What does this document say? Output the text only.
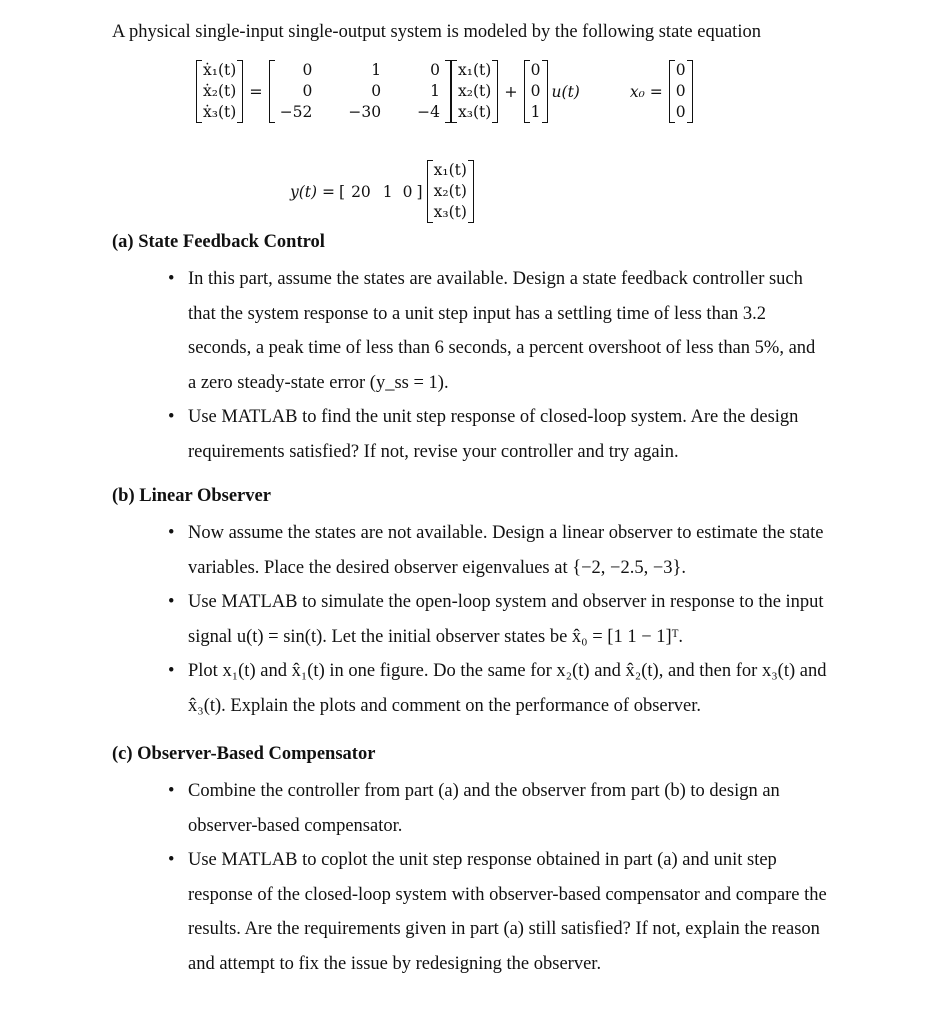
A physical single-input single-output system is modeled by the following state equation
ẋ₁(t)
ẋ₂(t)
ẋ₃(t)
=
0	1	0
0	0	1
−52	−30	−4
x₁(t)
x₂(t)
x₃(t)
+
0
0
1
u(t)	x₀ =
0
0
0
y(t) = [ 20 1 0 ]
x₁(t)
x₂(t)
x₃(t)
(a) State Feedback Control

• In this part, assume the states are available. Design a state feedback controller such that the system response to a unit step input has a settling time of less than 3.2 seconds, a peak time of less than 6 seconds, a percent overshoot of less than 5%, and a zero steady-state error (y_ss = 1).

• Use MATLAB to find the unit step response of closed-loop system. Are the design requirements satisfied? If not, revise your controller and try again.

(b) Linear Observer

• Now assume the states are not available. Design a linear observer to estimate the state variables. Place the desired observer eigenvalues at {−2, −2.5, −3}.

• Use MATLAB to simulate the open-loop system and observer in response to the input signal u(t) = sin(t). Let the initial observer states be x̂₀ = [1 1 − 1]ᵀ.

• Plot x₁(t) and x̂₁(t) in one figure. Do the same for x₂(t) and x̂₂(t), and then for x₃(t) and x̂₃(t). Explain the plots and comment on the performance of observer.

(c) Observer-Based Compensator

• Combine the controller from part (a) and the observer from part (b) to design an observer-based compensator.

• Use MATLAB to coplot the unit step response obtained in part (a) and unit step response of the closed-loop system with observer-based compensator and compare the results. Are the requirements given in part (a) still satisfied? If not, explain the reason and attempt to fix the issue by redesigning the observer.
